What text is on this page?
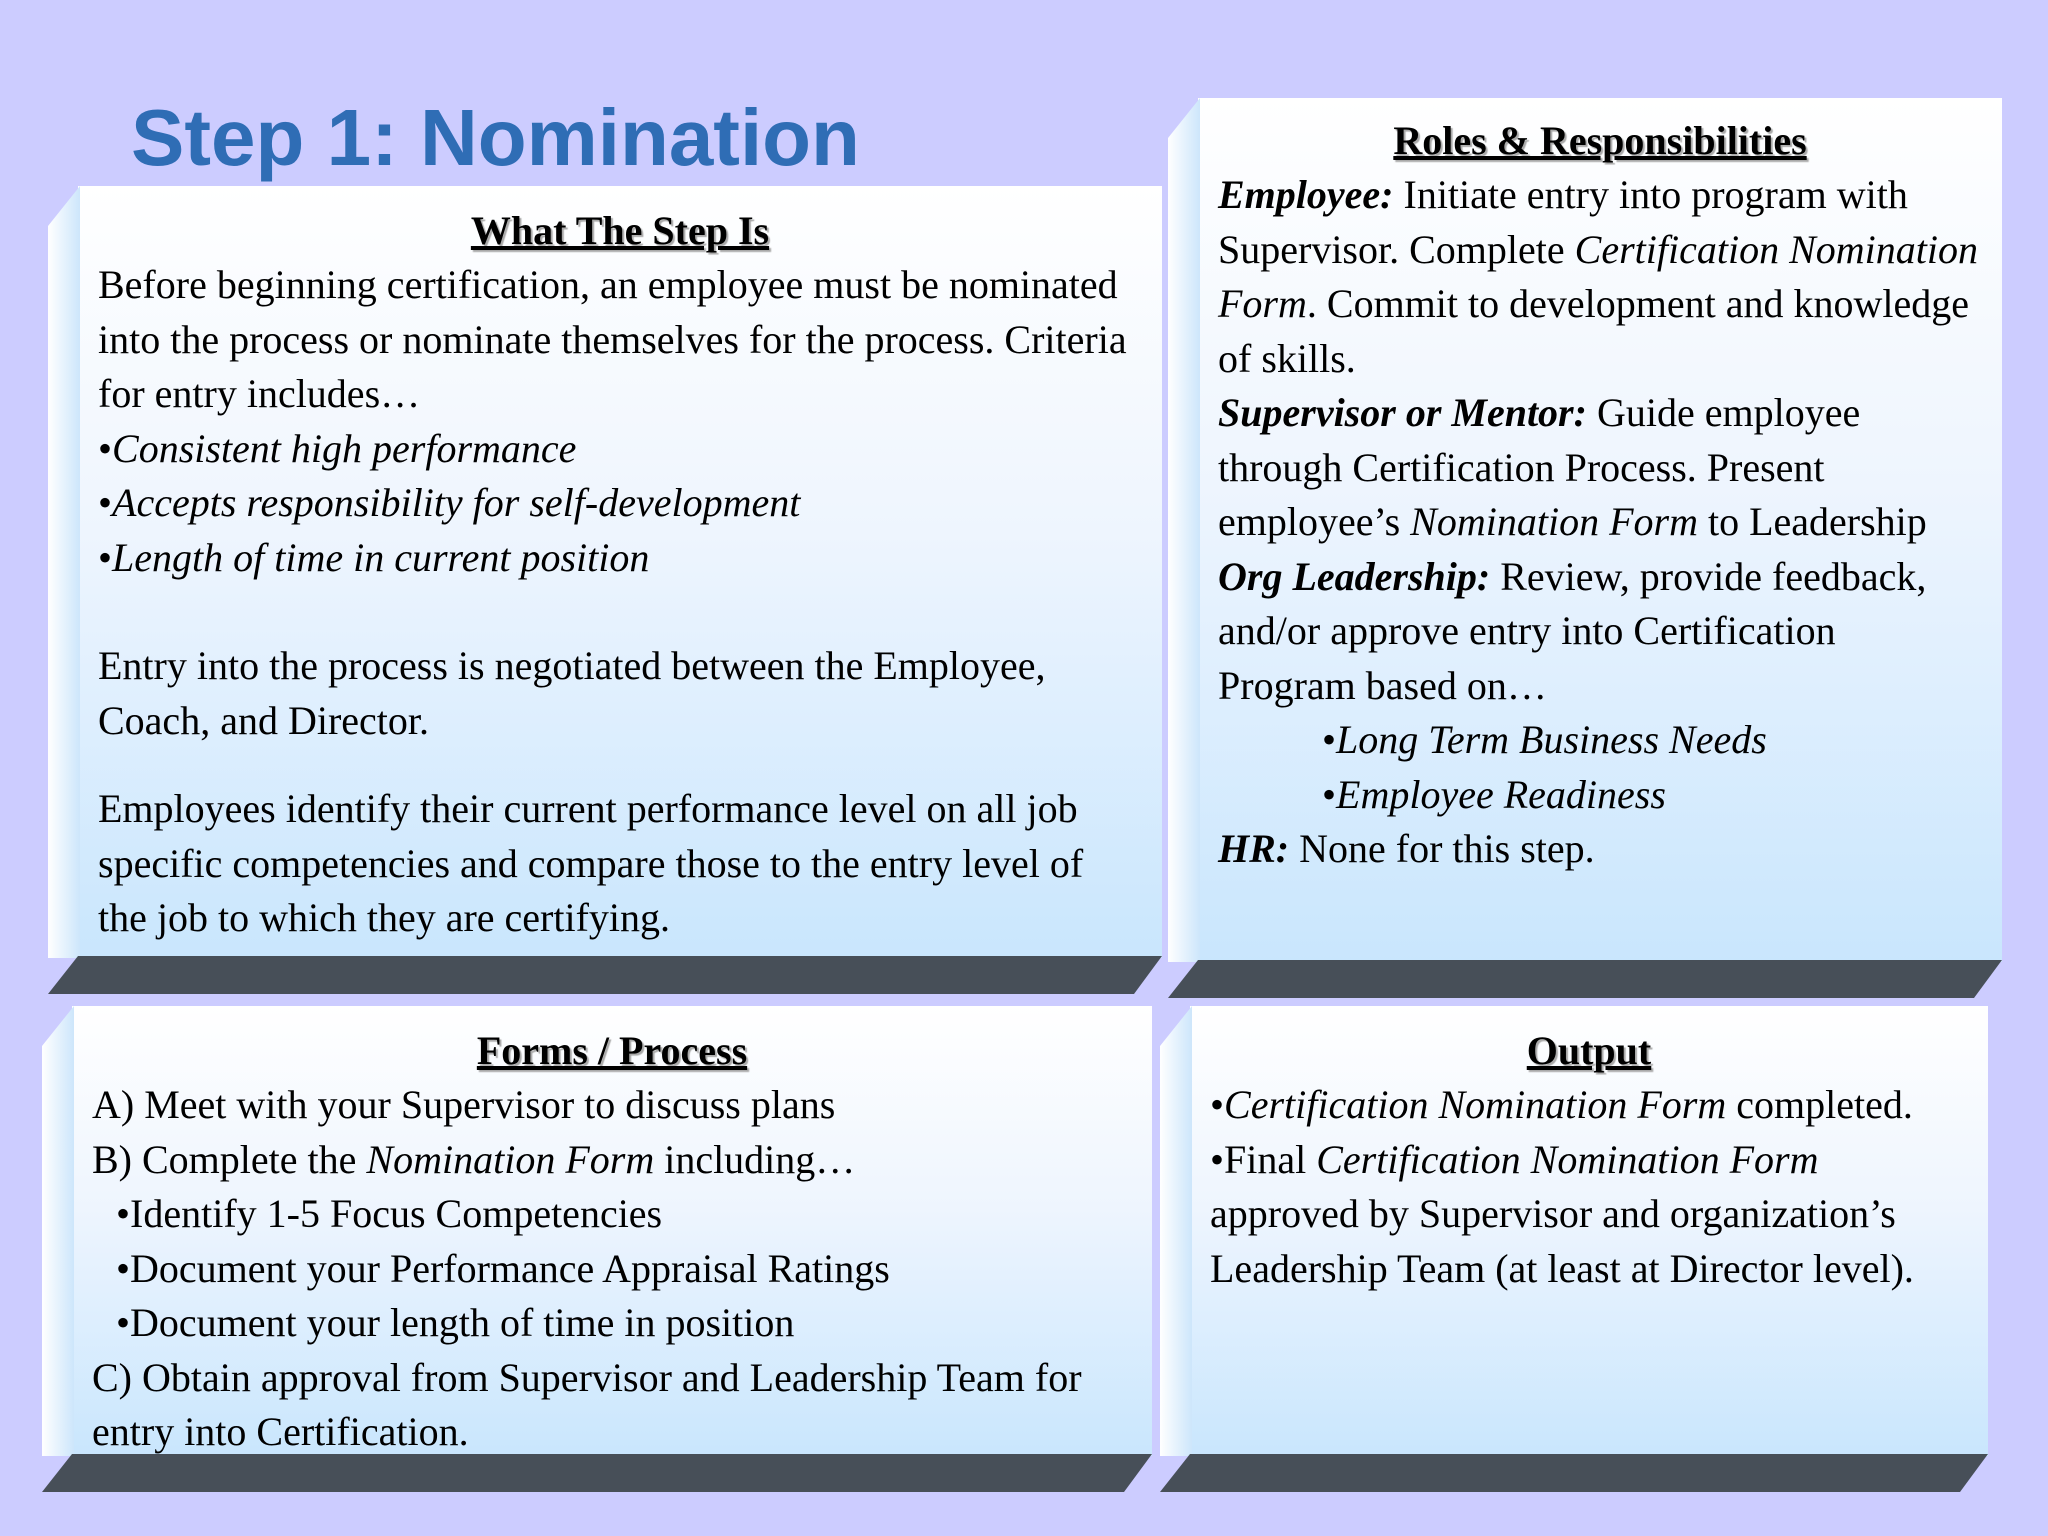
Step 1: Nomination

What The Step Is

Before beginning certification, an employee must be nominated into the process or nominate themselves for the process. Criteria for entry includes…

•Consistent high performance

•Accepts responsibility for self-development

•Length of time in current position

Entry into the process is negotiated between the Employee, Coach, and Director.

Employees identify their current performance level on all job specific competencies and compare those to the entry level of the job to which they are certifying.

Roles & Responsibilities

Employee: Initiate entry into program with Supervisor. Complete Certification Nomination Form. Commit to development and knowledge of skills.

Supervisor or Mentor: Guide employee through Certification Process. Present employee’s Nomination Form to Leadership

Org Leadership: Review, provide feedback, and/or approve entry into Certification Program based on…

•Long Term Business Needs

•Employee Readiness

HR: None for this step.

Forms / Process

A) Meet with your Supervisor to discuss plans

B) Complete the Nomination Form including…

•Identify 1-5 Focus Competencies

•Document your Performance Appraisal Ratings

•Document your length of time in position

C) Obtain approval from Supervisor and Leadership Team for entry into Certification.

Output

•Certification Nomination Form completed.

•Final Certification Nomination Form approved by Supervisor and organization’s Leadership Team (at least at Director level).
